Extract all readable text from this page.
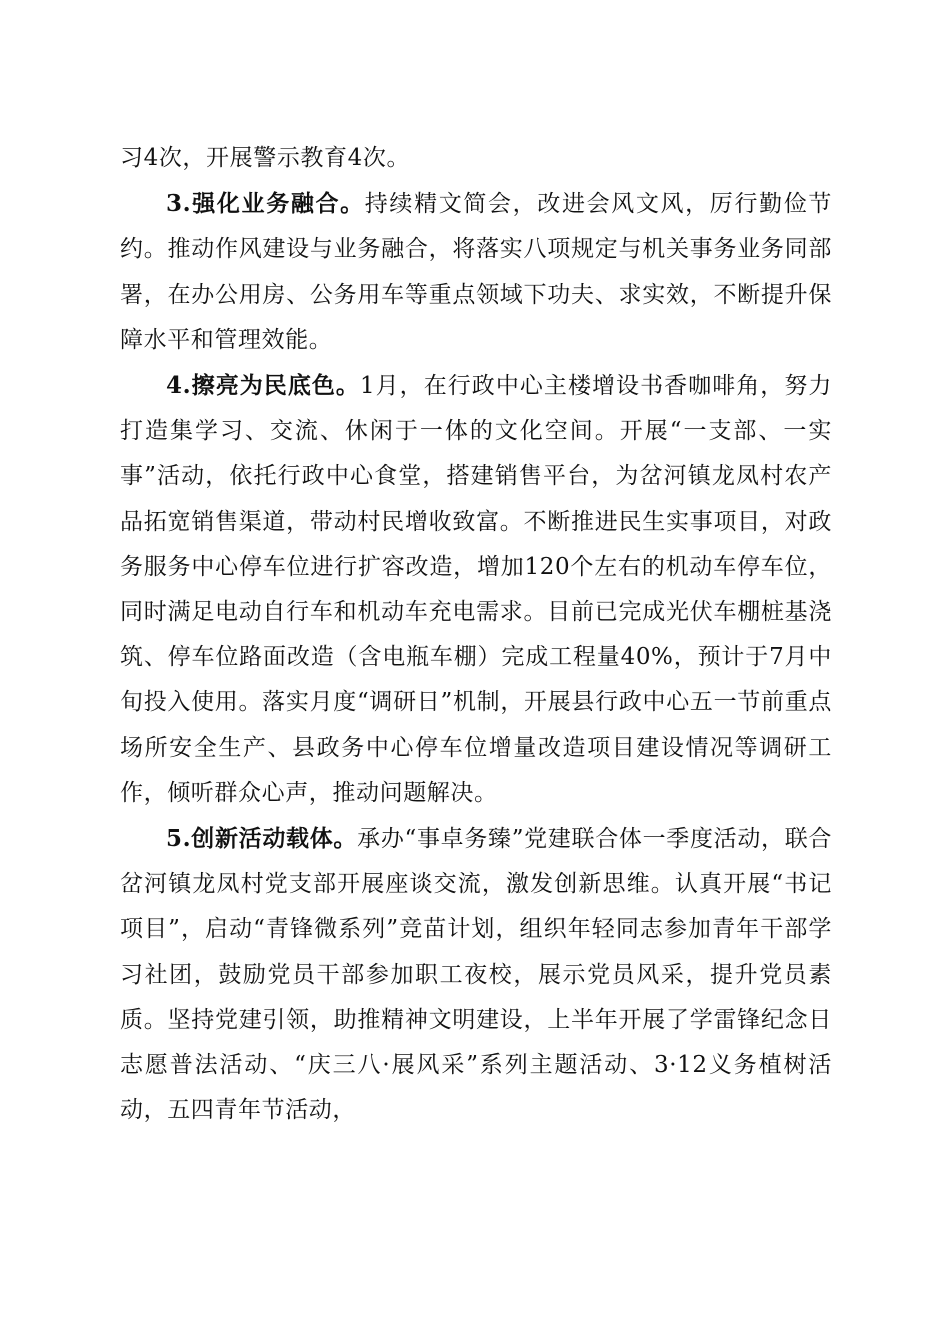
习4次，开展警示教育4次。

3.强化业务融合。持续精文简会，改进会风文风，厉行勤俭节约。推动作风建设与业务融合，将落实八项规定与机关事务业务同部署，在办公用房、公务用车等重点领域下功夫、求实效，不断提升保障水平和管理效能。

4.擦亮为民底色。1月，在行政中心主楼增设书香咖啡角，努力打造集学习、交流、休闲于一体的文化空间。开展“一支部、一实事”活动，依托行政中心食堂，搭建销售平台，为岔河镇龙凤村农产品拓宽销售渠道，带动村民增收致富。不断推进民生实事项目，对政务服务中心停车位进行扩容改造，增加120个左右的机动车停车位，同时满足电动自行车和机动车充电需求。目前已完成光伏车棚桩基浇筑、停车位路面改造（含电瓶车棚）完成工程量40%，预计于7月中旬投入使用。落实月度“调研日”机制，开展县行政中心五一节前重点场所安全生产、县政务中心停车位增量改造项目建设情况等调研工作，倾听群众心声，推动问题解决。

5.创新活动载体。承办“事卓务臻”党建联合体一季度活动，联合岔河镇龙凤村党支部开展座谈交流，激发创新思维。认真开展“书记项目”，启动“青锋微系列”竞苗计划，组织年轻同志参加青年干部学习社团，鼓励党员干部参加职工夜校，展示党员风采，提升党员素质。坚持党建引领，助推精神文明建设，上半年开展了学雷锋纪念日志愿普法活动、“庆三八·展风采”系列主题活动、3·12义务植树活动，五四青年节活动，
